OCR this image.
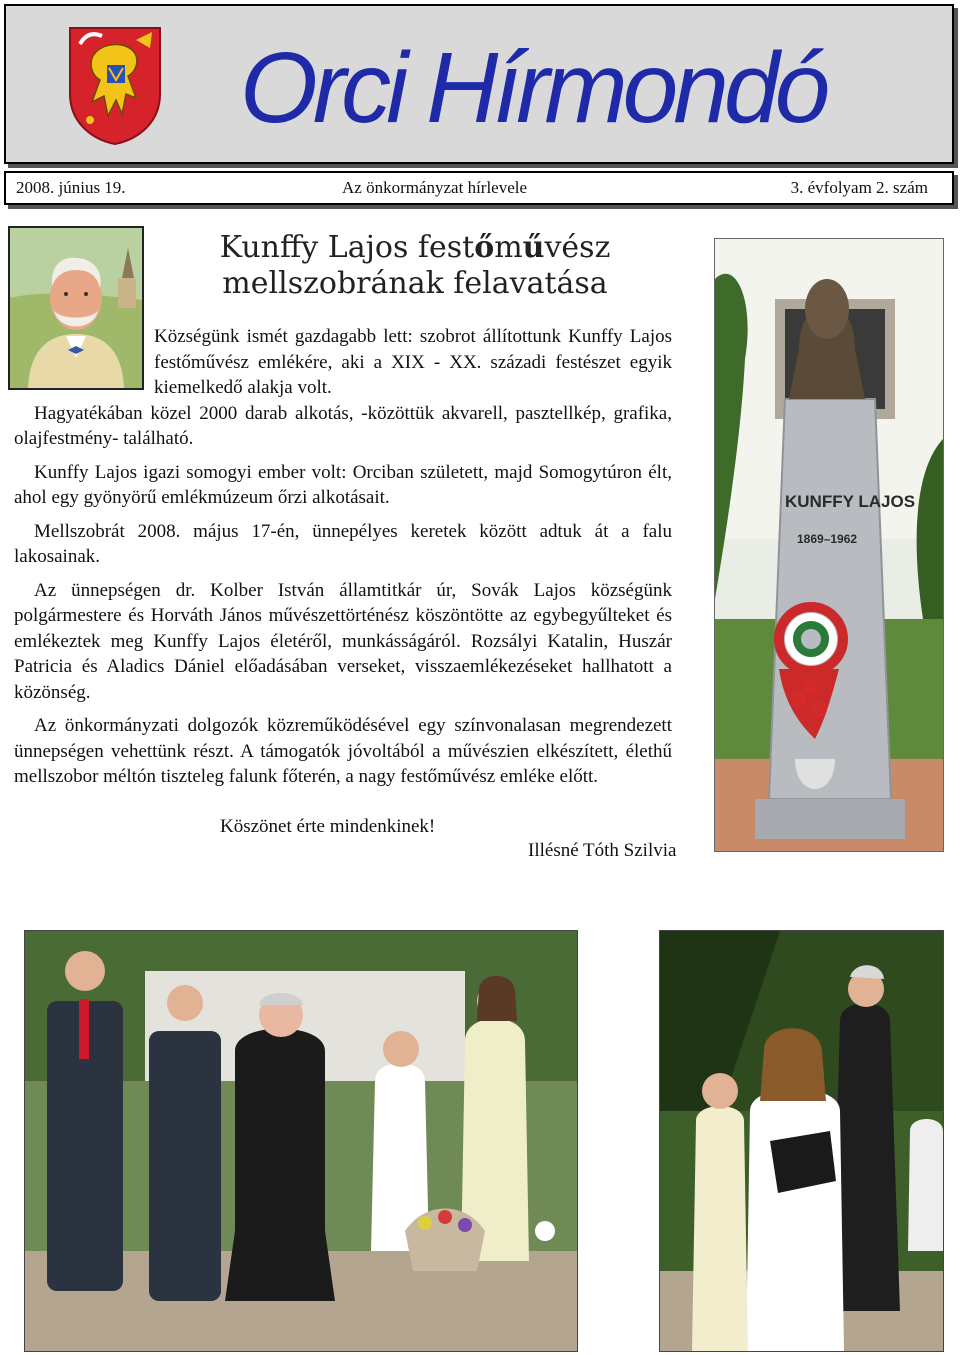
Orci Hírmondó
2008. június 19.	Az önkormányzat hírlevele	3. évfolyam 2. szám
Kunffy Lajos festőművész
mellszobrának felavatása

Községünk ismét gazdagabb lett: szobrot állítottunk Kunffy Lajos festőművész emlékére, aki a XIX - XX. századi festészet egyik kiemelkedő alakja volt.

Hagyatékában közel 2000 darab alkotás, -közöttük akvarell, pasztellkép, grafika, olajfestmény- található.

Kunffy Lajos igazi somogyi ember volt: Orciban született, majd Somogytúron élt, ahol egy gyönyörű emlékmúzeum őrzi alkotásait.

Mellszobrát 2008. május 17-én, ünnepélyes keretek között adtuk át a falu lakosainak.

Az ünnepségen dr. Kolber István államtitkár úr, Sovák Lajos községünk polgármestere és Horváth János művészettörténész köszöntötte az egybegyűlteket és emlékeztek meg Kunffy Lajos életéről, munkásságáról. Rozsályi Katalin, Huszár Patricia és Aladics Dániel előadásában verseket, visszaemlékezéseket hallhatott a közönség.

Az önkormányzati dolgozók közreműködésével egy színvonalasan megrendezett ünnepségen vehettünk részt. A támogatók jóvoltából a művészien elkészített, élethű mellszobor méltón tiszteleg falunk főterén, a nagy festőművész emléke előtt.

Köszönet érte mindenkinek!
Illésné Tóth Szilvia
KUNFFY LAJOS
1869–1962
